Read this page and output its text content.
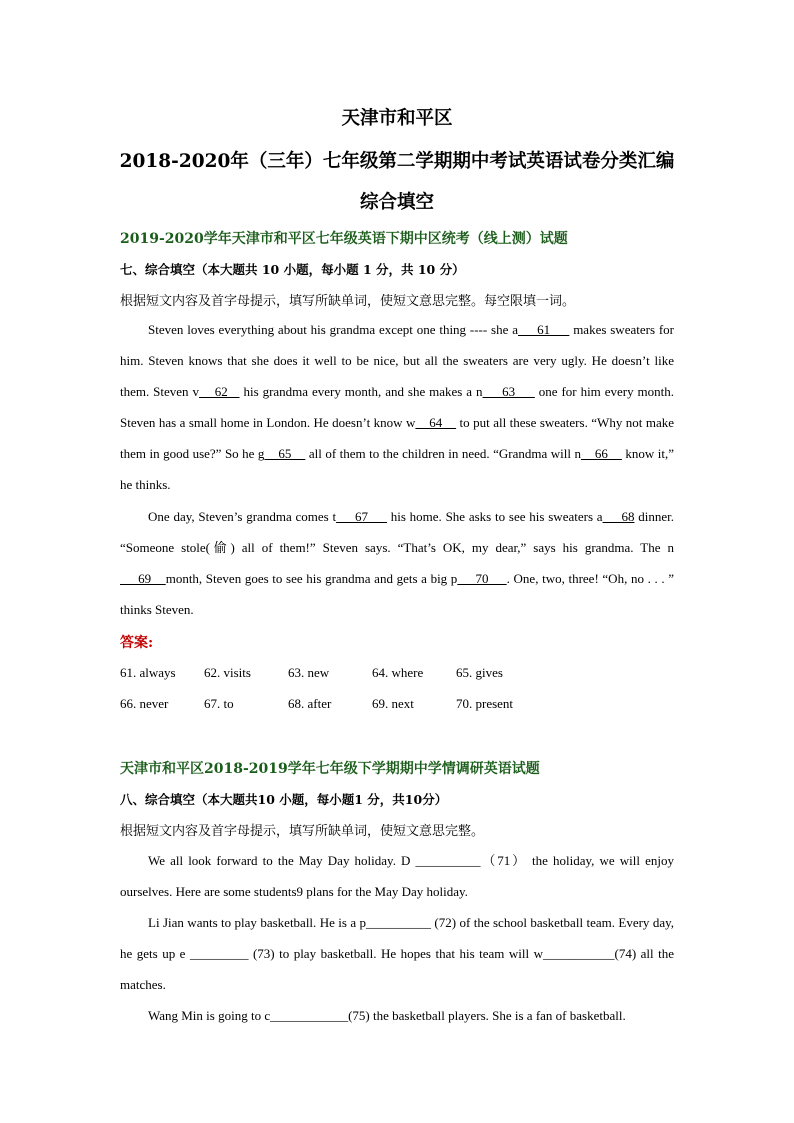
天津市和平区
2018-2020年（三年）七年级第二学期期中考试英语试卷分类汇编
综合填空
2019-2020学年天津市和平区七年级英语下期中区统考（线上测）试题
七、综合填空（本大题共 10 小题，每小题 1 分，共 10 分）
根据短文内容及首字母提示，填写所缺单词，使短文意思完整。每空限填一词。
Steven loves everything about his grandma except one thing ---- she a     61      makes sweaters for him. Steven knows that she does it well to be nice, but all the sweaters are very ugly. He doesn’t like them. Steven v    62    his grandma every month, and she makes a n     63      one for him every month. Steven has a small home in London. He doesn’t know w    64     to put all these sweaters. “Why not make them in good use?” So he g    65     all of them to the children in need. “Grandma will n    66     know it,” he thinks.
One day, Steven’s grandma comes t     67      his home. She asks to see his sweaters a     68 dinner. “Someone stole(偷) all of them!” Steven says. “That’s OK, my dear,” says his grandma. The n     69    month, Steven goes to see his grandma and gets a big p     70     . One, two, three! “Oh, no . . . ” thinks Steven.
答案:
61. always 62. visits	63. new	64. where	65. gives
66. never	67. to	68. after	69. next	70. present
天津市和平区2018-2019学年七年级下学期期中学情调研英语试题
八、综合填空（本大题共10 小题，每小题1 分，共10分）
根据短文内容及首字母提示，填写所缺单词，使短文意思完整。
We all look forward to the May Day holiday. D __________（71） the holiday, we will enjoy ourselves. Here are some students9 plans for the May Day holiday.
Li Jian wants to play basketball. He is a p__________ (72) of the school basketball team. Every day, he gets up e _________ (73) to play basketball. He hopes that his team will w___________(74) all the matches.
Wang Min is going to c____________(75) the basketball players. She is a fan of basketball.
